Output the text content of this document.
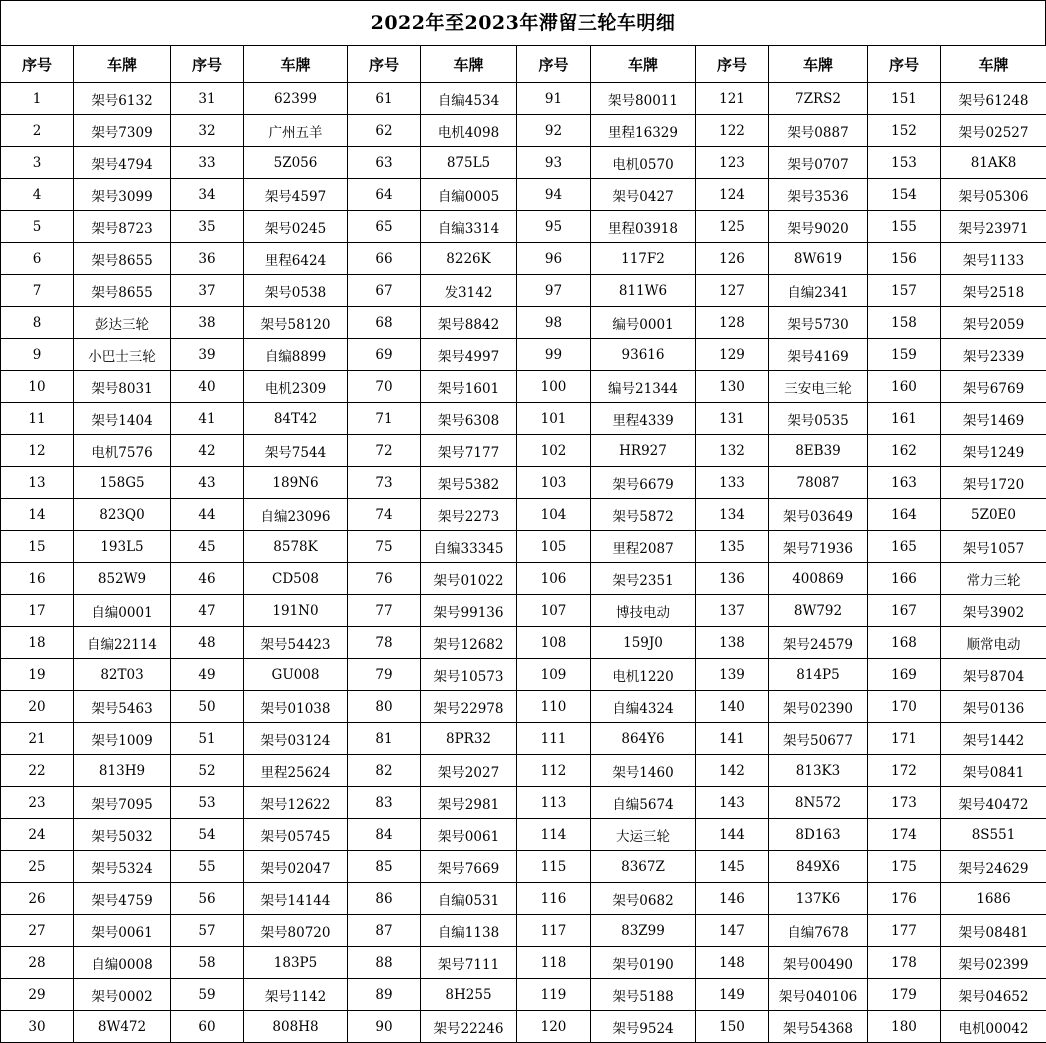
2022年至2023年滞留三轮车明细
序号	车牌	序号	车牌	序号	车牌	序号	车牌	序号	车牌	序号	车牌
1	架号6132	31	62399	61	自编4534	91	架号80011	121	7ZRS2	151	架号61248
2	架号7309	32	广州五羊	62	电机4098	92	里程16329	122	架号0887	152	架号02527
3	架号4794	33	5Z056	63	875L5	93	电机0570	123	架号0707	153	81AK8
4	架号3099	34	架号4597	64	自编0005	94	架号0427	124	架号3536	154	架号05306
5	架号8723	35	架号0245	65	自编3314	95	里程03918	125	架号9020	155	架号23971
6	架号8655	36	里程6424	66	8226K	96	117F2	126	8W619	156	架号1133
7	架号8655	37	架号0538	67	发3142	97	811W6	127	自编2341	157	架号2518
8	彭达三轮	38	架号58120	68	架号8842	98	编号0001	128	架号5730	158	架号2059
9	小巴士三轮	39	自编8899	69	架号4997	99	93616	129	架号4169	159	架号2339
10	架号8031	40	电机2309	70	架号1601	100	编号21344	130	三安电三轮	160	架号6769
11	架号1404	41	84T42	71	架号6308	101	里程4339	131	架号0535	161	架号1469
12	电机7576	42	架号7544	72	架号7177	102	HR927	132	8EB39	162	架号1249
13	158G5	43	189N6	73	架号5382	103	架号6679	133	78087	163	架号1720
14	823Q0	44	自编23096	74	架号2273	104	架号5872	134	架号03649	164	5Z0E0
15	193L5	45	8578K	75	自编33345	105	里程2087	135	架号71936	165	架号1057
16	852W9	46	CD508	76	架号01022	106	架号2351	136	400869	166	常力三轮
17	自编0001	47	191N0	77	架号99136	107	博技电动	137	8W792	167	架号3902
18	自编22114	48	架号54423	78	架号12682	108	159J0	138	架号24579	168	顺常电动
19	82T03	49	GU008	79	架号10573	109	电机1220	139	814P5	169	架号8704
20	架号5463	50	架号01038	80	架号22978	110	自编4324	140	架号02390	170	架号0136
21	架号1009	51	架号03124	81	8PR32	111	864Y6	141	架号50677	171	架号1442
22	813H9	52	里程25624	82	架号2027	112	架号1460	142	813K3	172	架号0841
23	架号7095	53	架号12622	83	架号2981	113	自编5674	143	8N572	173	架号40472
24	架号5032	54	架号05745	84	架号0061	114	大运三轮	144	8D163	174	8S551
25	架号5324	55	架号02047	85	架号7669	115	8367Z	145	849X6	175	架号24629
26	架号4759	56	架号14144	86	自编0531	116	架号0682	146	137K6	176	1686
27	架号0061	57	架号80720	87	自编1138	117	83Z99	147	自编7678	177	架号08481
28	自编0008	58	183P5	88	架号7111	118	架号0190	148	架号00490	178	架号02399
29	架号0002	59	架号1142	89	8H255	119	架号5188	149	架号040106	179	架号04652
30	8W472	60	808H8	90	架号22246	120	架号9524	150	架号54368	180	电机00042
